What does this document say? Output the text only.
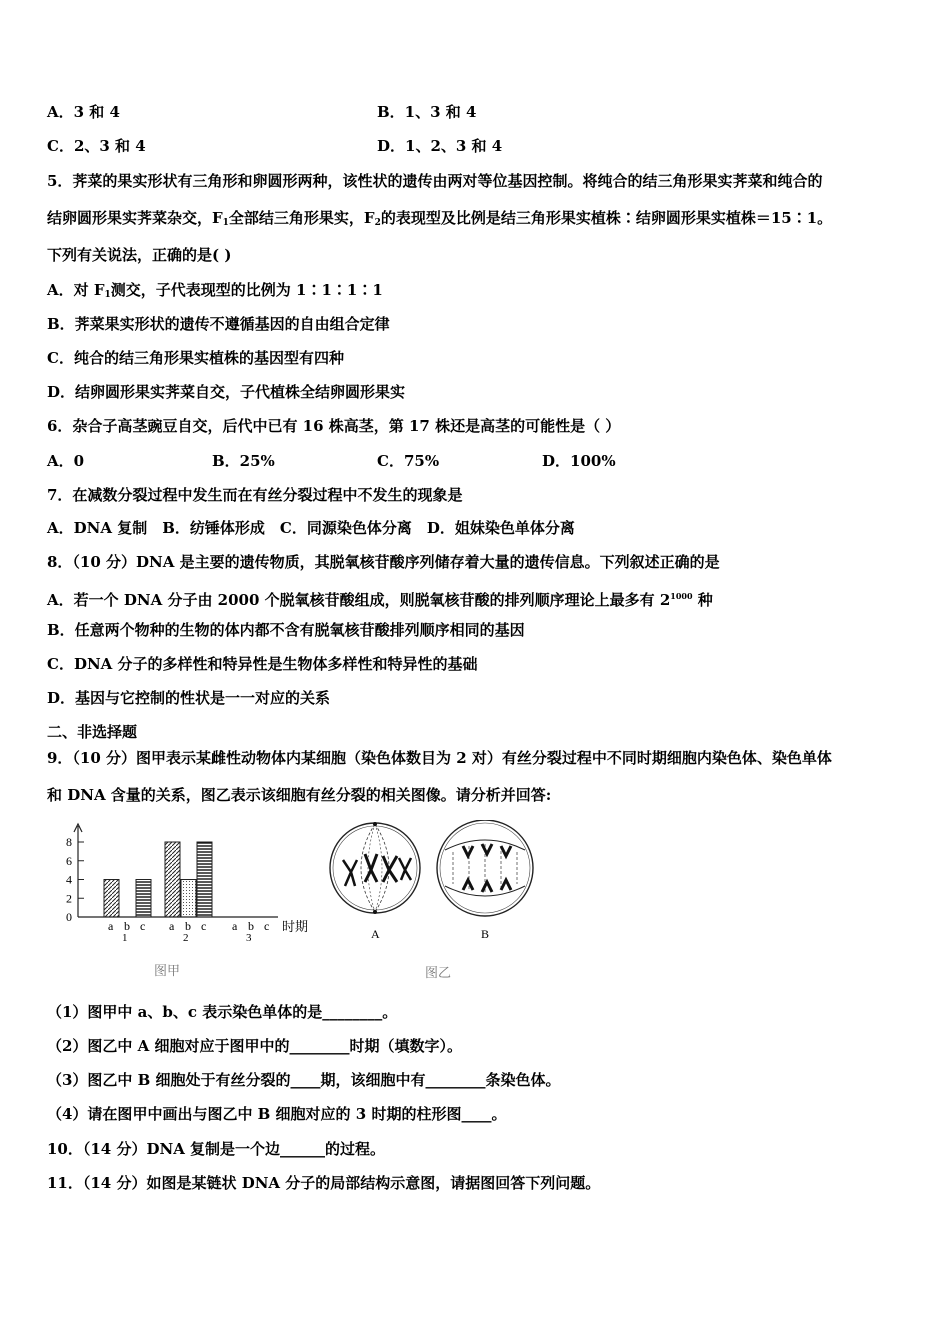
A．3 和 4	B．1、3 和 4
C．2、3 和 4	D．1、2、3 和 4
5．荠菜的果实形状有三角形和卵圆形两种，该性状的遗传由两对等位基因控制。将纯合的结三角形果实荠菜和纯合的
结卵圆形果实荠菜杂交，$F_1$全部结三角形果实，$F_2$的表现型及比例是结三角形果实植株∶结卵圆形果实植株＝15∶1。
下列有关说法，正确的是( )
A．对 $F_1$测交，子代表现型的比例为 1∶1∶1∶1
B．荠菜果实形状的遗传不遵循基因的自由组合定律
C．纯合的结三角形果实植株的基因型有四种
D．结卵圆形果实荠菜自交，子代植株全结卵圆形果实
6．杂合子高茎豌豆自交，后代中已有 16 株高茎，第 17 株还是高茎的可能性是（ ）
A．0	B．25%	C．75%	D．100%
7．在减数分裂过程中发生而在有丝分裂过程中不发生的现象是
A．DNA 复制　B．纺锤体形成　C．同源染色体分离　D．姐妹染色单体分离
8．（10 分）DNA 是主要的遗传物质，其脱氧核苷酸序列储存着大量的遗传信息。下列叙述正确的是
A．若一个 DNA 分子由 2000 个脱氧核苷酸组成，则脱氧核苷酸的排列顺序理论上最多有 $2^{1000}$ 种
B．任意两个物种的生物的体内都不含有脱氧核苷酸排列顺序相同的基因
C．DNA 分子的多样性和特异性是生物体多样性和特异性的基础
D．基因与它控制的性状是一一对应的关系
二、非选择题
9．（10 分）图甲表示某雌性动物体内某细胞（染色体数目为 2 对）有丝分裂过程中不同时期细胞内染色体、染色单体
和 DNA 含量的关系，图乙表示该细胞有丝分裂的相关图像。请分析并回答:
0
2
4
6
8
a b c
1
a b c
2
a b c
3
时期
图甲
A	B
图乙
（1）图甲中 a、b、c 表示染色单体的是________。
（2）图乙中 A 细胞对应于图甲中的________时期（填数字）。
（3）图乙中 B 细胞处于有丝分裂的____期，该细胞中有________条染色体。
（4）请在图甲中画出与图乙中 B 细胞对应的 3 时期的柱形图____。
10．（14 分）DNA 复制是一个边______的过程。
11．（14 分）如图是某链状 DNA 分子的局部结构示意图，请据图回答下列问题。
